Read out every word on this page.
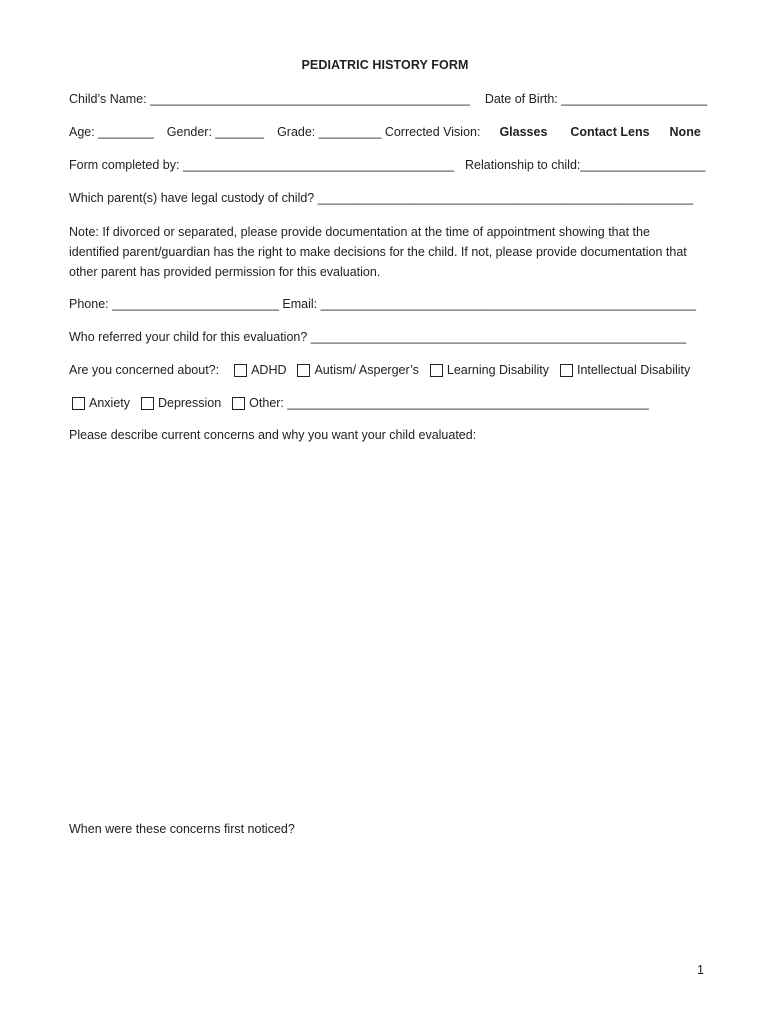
PEDIATRIC HISTORY FORM
Child’s Name: ______________________________________________ Date of Birth: _____________________
Age: ________ Gender: _______ Grade: _________ Corrected Vision: Glasses Contact Lens None
Form completed by: _______________________________________ Relationship to child:__________________
Which parent(s) have legal custody of child? ______________________________________________________
Note: If divorced or separated, please provide documentation at the time of appointment showing that the identified parent/guardian has the right to make decisions for the child. If not, please provide documentation that other parent has provided permission for this evaluation.
Phone: ________________________ Email: ______________________________________________________
Who referred your child for this evaluation? ______________________________________________________
Are you concerned about?:	ADHD Autism/ Asperger’s Learning Disability Intellectual Disability
Anxiety Depression Other: ____________________________________________________
Please describe current concerns and why you want your child evaluated:
When were these concerns first noticed?
1
